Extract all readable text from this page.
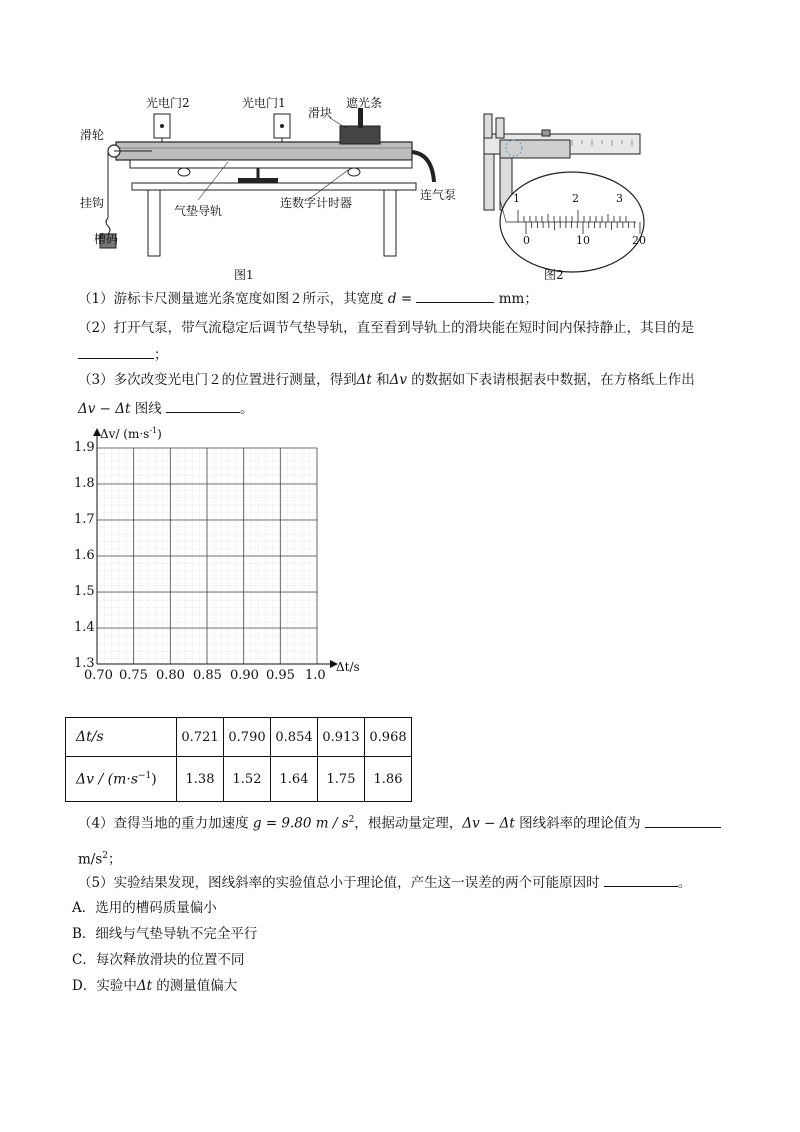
光电门2	光电门1
滑块
遮光条
滑轮
挂钩
槽码
气垫导轨
连数字计时器
连气泵
图1
1	2	3
0	10	20
图2
（1）游标卡尺测量遮光条宽度如图２所示，其宽度 d =	mm；
（2）打开气泵，带气流稳定后调节气垫导轨，直至看到导轨上的滑块能在短时间内保持静止，其目的是
；
（3）多次改变光电门２的位置进行测量，得到Δt 和Δv 的数据如下表请根据表中数据，在方格纸上作出
Δv − Δt 图线	。
Δv/ $(m\cdot s^{-1})$
Δt/s
1.9
1.8
1.7
1.6
1.5
1.4
1.3
0.70 0.75 0.80 0.85 0.90 0.95 1.0
Δt/s	0.721	0.790	0.854	0.913	0.968
$\Delta v / (m\cdot s^{-1})$	1.38	1.52	1.64	1.75	1.86
（4）查得当地的重力加速度 g = 9.80 m / $s^2$，根据动量定理，Δv − Δt 图线斜率的理论值为
$m/s^2$；
（5）实验结果发现，图线斜率的实验值总小于理论值，产生这一误差的两个可能原因时	。
A．选用的槽码质量偏小
B．细线与气垫导轨不完全平行
C．每次释放滑块的位置不同
D．实验中Δt 的测量值偏大
